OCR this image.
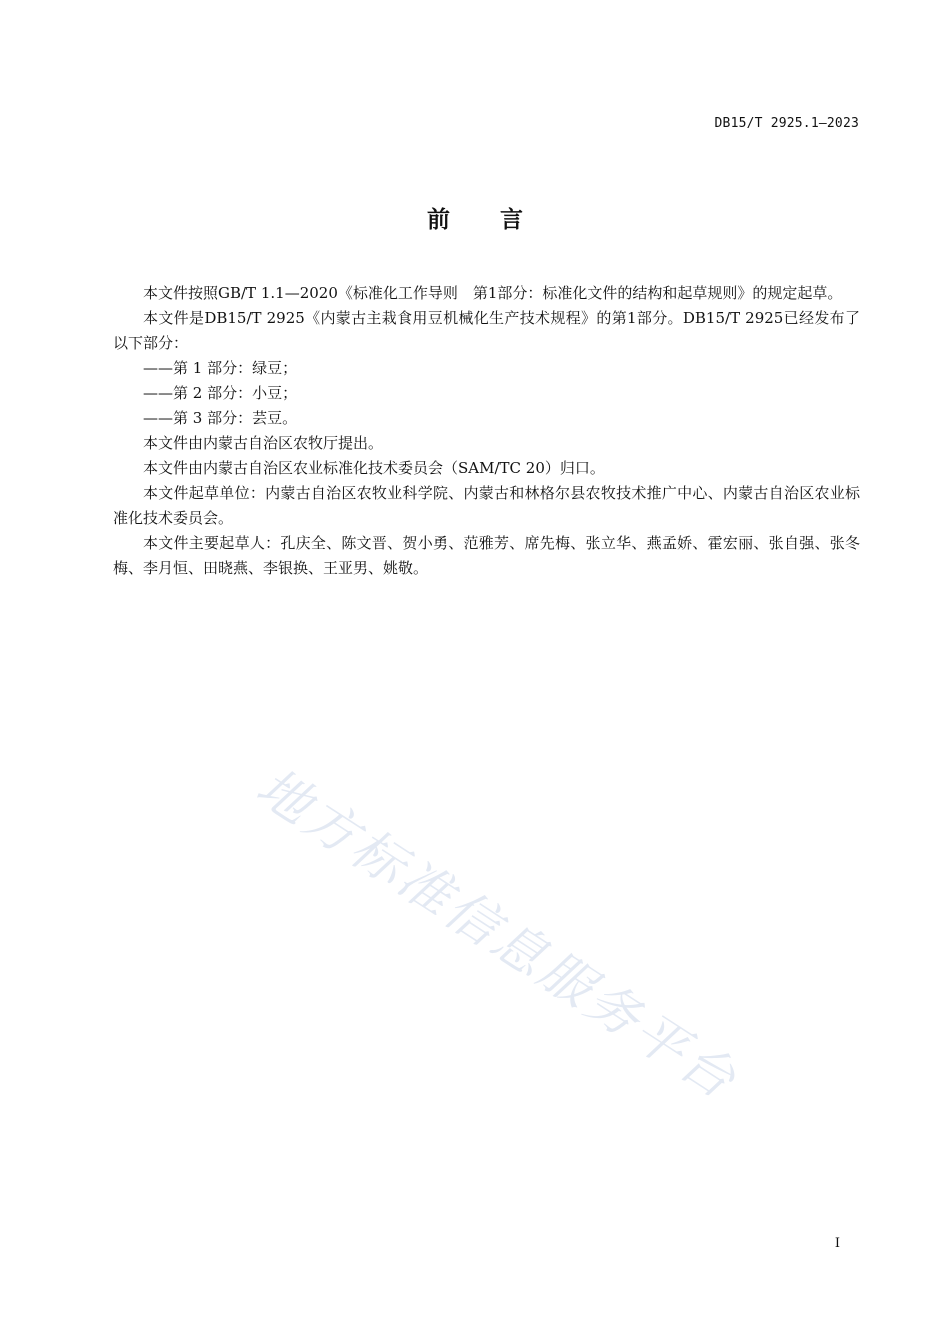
DB15/T 2925.1—2023
前言

本文件按照GB/T 1.1—2020《标准化工作导则　第1部分：标准化文件的结构和起草规则》的规定起草。

本文件是DB15/T 2925《内蒙古主栽食用豆机械化生产技术规程》的第1部分。DB15/T 2925已经发布了以下部分：

——第 1 部分：绿豆；

——第 2 部分：小豆；

——第 3 部分：芸豆。

本文件由内蒙古自治区农牧厅提出。

本文件由内蒙古自治区农业标准化技术委员会（SAM/TC 20）归口。

本文件起草单位：内蒙古自治区农牧业科学院、内蒙古和林格尔县农牧技术推广中心、内蒙古自治区农业标准化技术委员会。

本文件主要起草人：孔庆全、陈文晋、贺小勇、范雅芳、席先梅、张立华、燕孟娇、霍宏丽、张自强、张冬梅、李月恒、田晓燕、李银换、王亚男、姚敬。

地方标准信息服务平台
I
